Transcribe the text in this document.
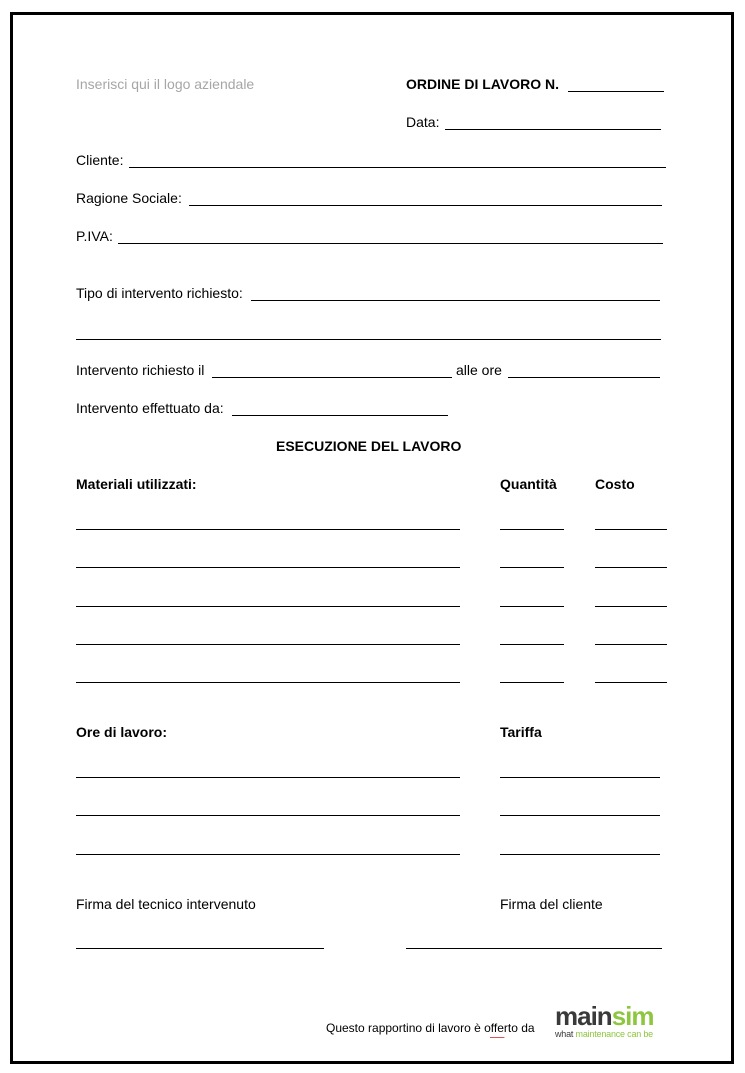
Inserisci qui il logo aziendale	ORDINE DI LAVORO N.
Data:
Cliente:
Ragione Sociale:
P.IVA:
Tipo di intervento richiesto:
Intervento richiesto il	alle ore
Intervento effettuato da:
ESECUZIONE DEL LAVORO
Materiali utilizzati:	Quantità	Costo
Ore di lavoro:	Tariffa
Firma del tecnico intervenuto	Firma del cliente
Questo rapportino di lavoro è offerto da
━━━━━━
mainsim
what maintenance can be
